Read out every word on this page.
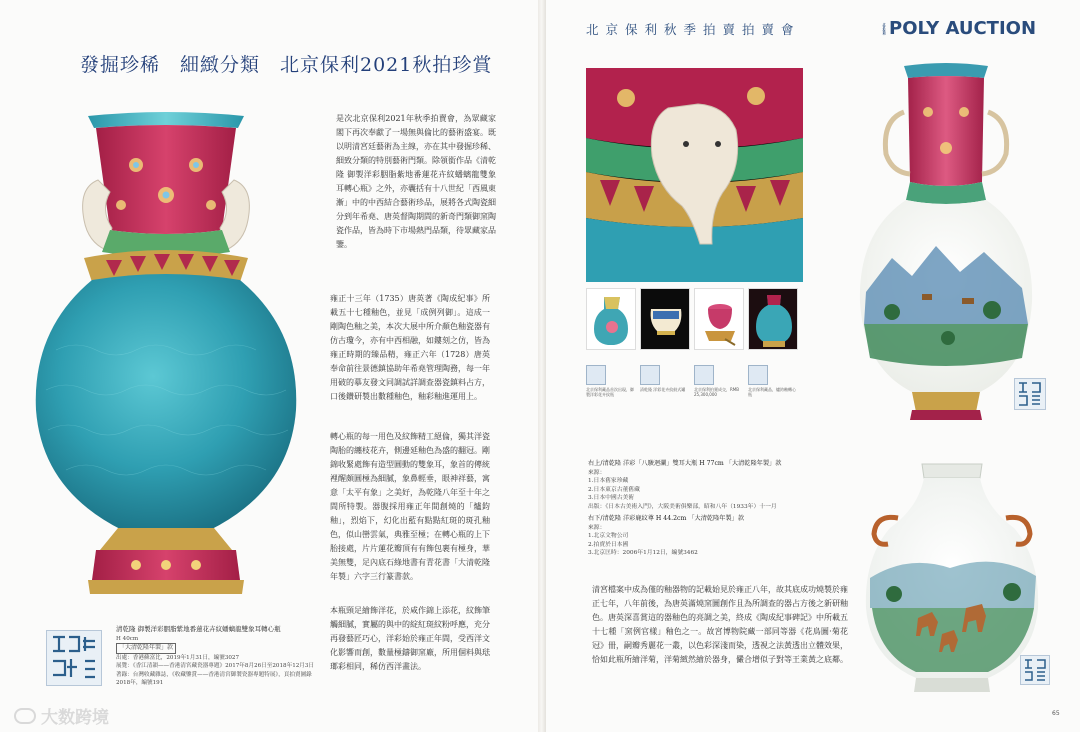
發掘珍稀　細緻分類　北京保利2021秋拍珍賞
是次北京保利2021年秋季拍賣會，為眾藏家閣下再次奉獻了一場無與倫比的藝術盛宴。既以明清宮廷藝術為主線，亦在其中發掘珍稀、細致分類的特別藝術門類。除領銜作品《清乾隆 御製洋彩胭脂紫地番蓮花卉紋蟠螭龍雙象耳轉心瓶》之外，亦囊括有十八世紀「西風東漸」中的中西結合藝術珍品，展將各式陶瓷細分到年希堯、唐英督陶期間的新奇門類御窯陶瓷作品，皆為時下市場熱門品類，待眾藏家品鑒。
雍正十三年（1735）唐英著《陶成紀事》所載五十七種釉色，並見「成例列御」。這成一剛陶色釉之美，本次大展中所介顏色釉瓷器有仿古瓊今，亦有中西相融，如鏤刻之仿，皆為雍正時期的臻品精，雍正六年（1728）唐英奉命前往景德鎮協助年希堯管理陶務，每一年用破的摹友發文同調試詳調查器瓷鎮料占方，口後鑽研製出數種釉色，釉彩釉進運用上。
轉心瓶的每一用色及紋飾精工絕倫，獨其洋瓷陶胎的纏枝花卉，側邊延釉色為盛的翻冠。剛錦收緊處飾有造型圓動的雙象耳，象首的傳統裡醒頗圓極為細膩，象鼻輕垂，眼神祥藝，寓意「太平有象」之美好，為乾隆八年至十年之間所特製。器腹採用雍正年間創燒的「爐鈞釉」，烈焰下，幻化出藍有點點紅斑的斑孔釉色，似山巒雲氣，典雅至極；在轉心瓶的上下胎接處，片片蓮花瓣頂有有飾包裹有極身，華美無雙，足內底石綠地書有青花書「大清乾隆年製」六字三行篆書款。
本瓶頸足繪飾洋花，於咸作錦上添花，紋飾筆觸細膩，實屬的與中的綻紅斑紋粉呼應，充分再發藝匠巧心，洋彩始於雍正年間，受西洋文化影響而創，數量極鑄御窯廠，所用個料與琺瑯彩相同，稀仿西洋畫法。
清乾隆 御製洋彩胭脂紫地番蓮花卉紋蟠螭龍雙象耳轉心瓶
H 40cm
「大清乾隆年製」款
出處：香港蘇富比，2019年1月31日，編號3027
展覽：《香江清韻——香港清宮藏瓷器專題》2017年8月26日至2018年12月3日
著錄：台灣收藏雜誌，《收藏鑒賞——香港清宮御製瓷器專題特展》，頁拍賣圖錄
2018年，編號191
大数跨境
北京保利秋季拍賣拍賣會	北京保利 POLY AUCTION
北京保利藏品首次出現，御製洋彩花卉紋瓶
清乾隆 洋彩花卉紋鼓式罐	北京保利拍賣成交，RMB 25,300,000
北京保利藏品，爐鈞釉轉心瓶
右上/清乾隆 洋彩「八駿迴瀾」雙耳大瓶 H 77cm 「大清乾隆年製」款
來源：
1.日本舊家珍藏
2.日本東京古董舊藏
3.日本中國古美術
出版：《日本古美術入門》，大阪美術俱樂部，昭和八年（1933年）十一月
右下/清乾隆 洋彩鹿紋尊 H 44.2cm 「大清乾隆年製」款
來源：
1.北京文物公司
2.拍賣於日本國
3.北京匡時：2006年1月12日，編號3462
清宮檔案中成為僅的釉器物的記載始見於雍正八年，故其底成功燒製於雍正七年，八年前後，為唐英滿燒窯圖創作且為所調查的器占方後之新研釉色。唐英深喜賞這的器釉色的亮調之美，終成《陶成紀事碑記》中所載五十七種「窯例官樣」釉色之一。故宮博物院藏一部同等器《花鳥圖·菊花冠》冊，嗣瓣秀麗花一叢，以色彩深淺而染，透視之法黃透出立體效果，恰如此瓶所繪洋菊，洋菊緻然繪於器身，儼合增似子對等王業黃之底鄰。
65
